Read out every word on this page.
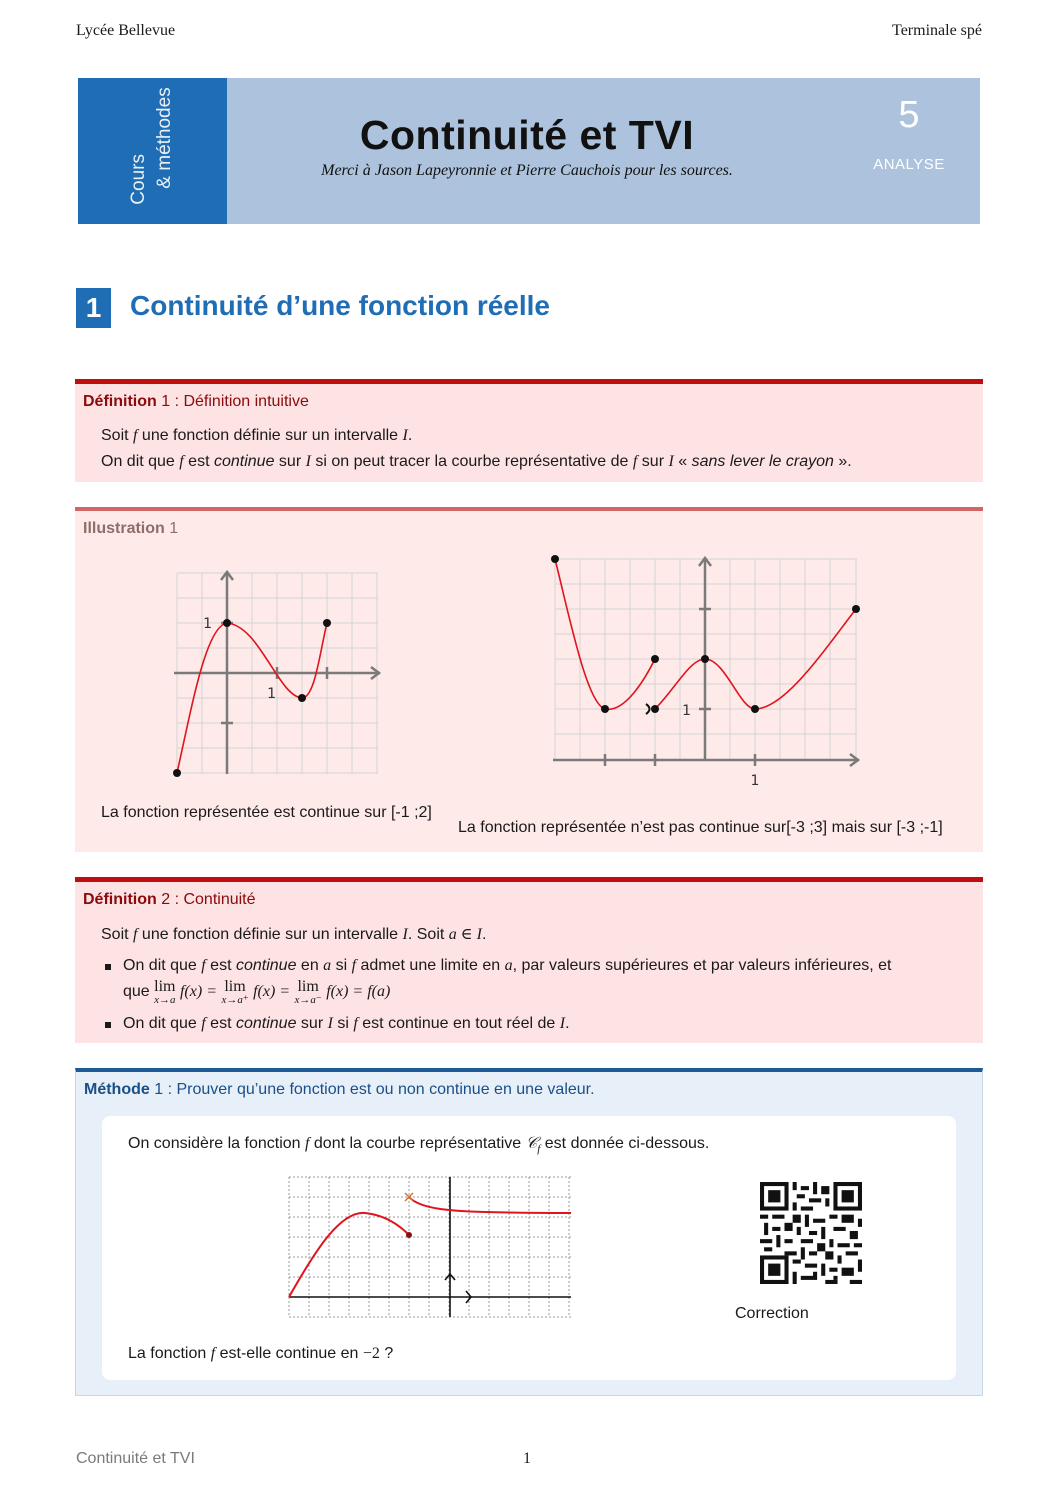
Lycée Bellevue	Terminale spé
Cours & méthodes	Continuité et TVI
Merci à Jason Lapeyronnie et Pierre Cauchois pour les sources.
5
ANALYSE
1	Continuité d’une fonction réelle
Définition 1 : Définition intuitive
Soit f une fonction définie sur un intervalle I.
On dit que f est continue sur I si on peut tracer la courbe représentative de f sur I « sans lever le crayon ».
Illustration 1
1
1
1
1
La fonction représentée est continue sur [-1 ;2]
La fonction représentée n’est pas continue sur[-3 ;3] mais sur [-3 ;-1]
Définition 2 : Continuité
Soit f une fonction définie sur un intervalle I. Soit a ∈ I.
On dit que f est continue en a si f admet une limite en a, par valeurs supérieures et par valeurs inférieures, et
que lim
x→a f(x) = lim
x→a⁺ f(x) = lim
x→a⁻ f(x) = f(a)
On dit que f est continue sur I si f est continue en tout réel de I.
Méthode 1 : Prouver qu’une fonction est ou non continue en une valeur.
On considère la fonction f dont la courbe représentative 𝒞$_f$ est donnée ci-dessous.
Correction
La fonction f est-elle continue en −2 ?
Continuité et TVI	1
